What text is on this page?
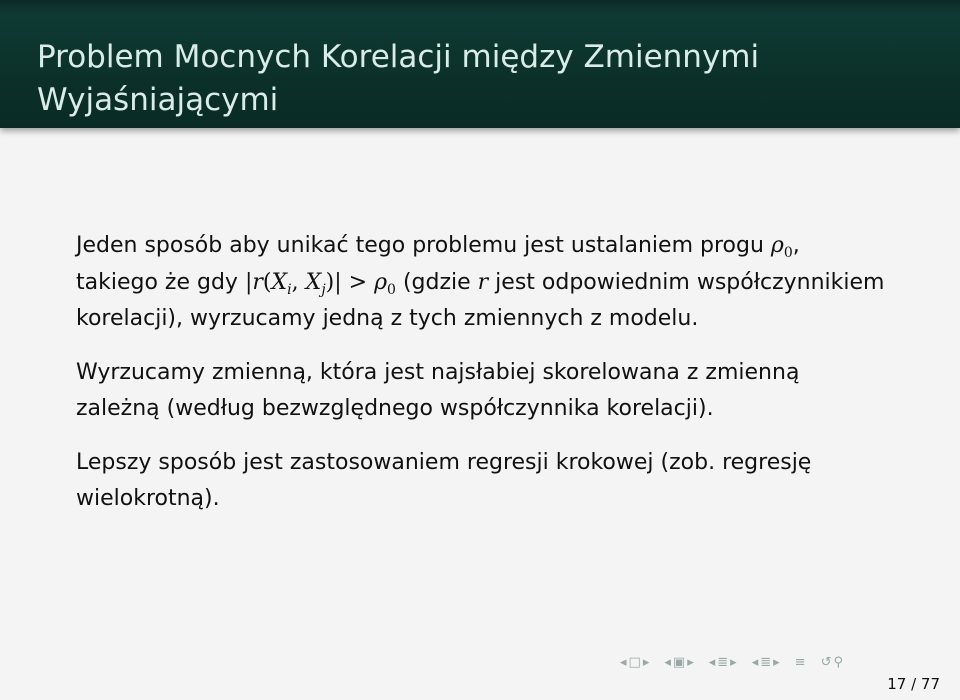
Problem Mocnych Korelacji między Zmiennymi
Wyjaśniającymi

Jeden sposób aby unikać tego problemu jest ustalaniem progu $\rho_0$, takiego że gdy $|r(X_i$, $X_j)| > \rho_0$ (gdzie r jest odpowiednim współczynnikiem korelacji), wyrzucamy jedną z tych zmiennych z modelu.

Wyrzucamy zmienną, która jest najsłabiej skorelowana z zmienną zależną (według bezwzględnego współczynnika korelacji).

Lepszy sposób jest zastosowaniem regresji krokowej (zob. regresję wielokrotną).

◂ □ ▸ ◂ ▣ ▸ ◂ ≣ ▸ ◂ ≣ ▸ ≡ ↺ ⚲
17 / 77
